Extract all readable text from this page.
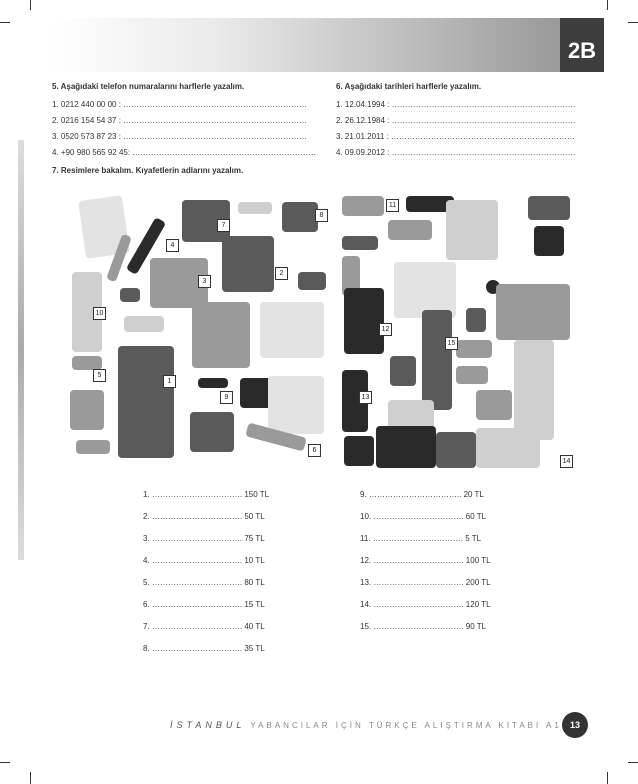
2B
5. Aşağıdaki telefon numaralarını harflerle yazalım.
1. 0212 440 00 00 : ……………………………………………………………
2. 0216 154 54 37 : ……………………………………………………………
3. 0520 573 87 23 : ……………………………………………………………
4. +90 980 565 92 45: ……………………………………………………………
6. Aşağıdaki tarihleri harflerle yazalım.
1. 12.04.1994 : ……………………………………………………………
2. 26.12.1984 : ……………………………………………………………
3. 21.01.2011 : ……………………………………………………………
4. 09.09.2012 : ……………………………………………………………
7. Resimlere bakalım. Kıyafetlerin adlarını yazalım.
1
2
3
4
5
6
7
8
9
10
11
12
13
14
15
1. ……………………………. 150 TL
2. ……………………………. 50 TL
3. ……………………………. 75 TL
4. ……………………………. 10 TL
5. ……………………………. 80 TL
6. ……………………………. 15 TL
7. ……………………………. 40 TL
8. ……………………………. 35 TL
9. …………………………….. 20 TL
10. ……………………………. 60 TL
11. ……………………………. 5 TL
12. ……………………………. 100 TL
13. ……………………………. 200 TL
14. ……………………………. 120 TL
15. ……………………………. 90 TL
İSTANBUL YABANCILAR İÇİN TÜRKÇE ALIŞTIRMA KİTABI A1 13
